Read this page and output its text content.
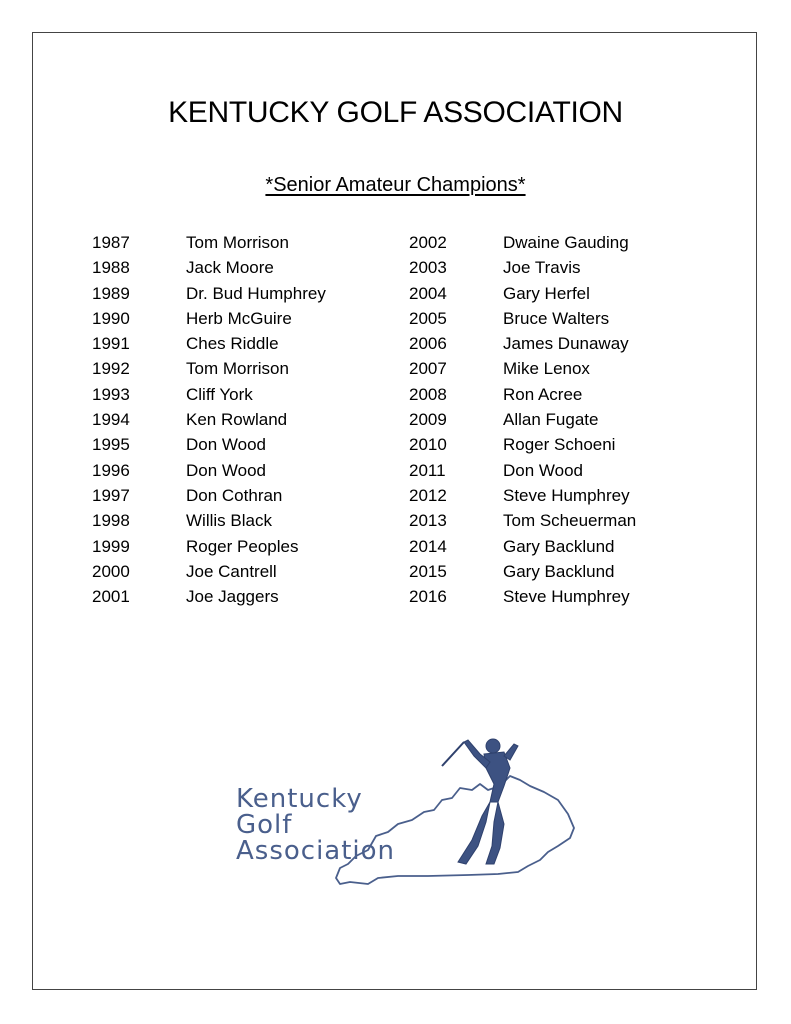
KENTUCKY GOLF ASSOCIATION
*Senior Amateur Champions*
1987	Tom Morrison
1988	Jack Moore
1989	Dr. Bud Humphrey
1990	Herb McGuire
1991	Ches Riddle
1992	Tom Morrison
1993	Cliff York
1994	Ken Rowland
1995	Don Wood
1996	Don Wood
1997	Don Cothran
1998	Willis Black
1999	Roger Peoples
2000	Joe Cantrell
2001	Joe Jaggers
2002	Dwaine Gauding
2003	Joe Travis
2004	Gary Herfel
2005	Bruce Walters
2006	James Dunaway
2007	Mike Lenox
2008	Ron Acree
2009	Allan Fugate
2010	Roger Schoeni
2011	Don Wood
2012	Steve Humphrey
2013	Tom Scheuerman
2014	Gary Backlund
2015	Gary Backlund
2016	Steve Humphrey
Kentucky
Golf
Association
